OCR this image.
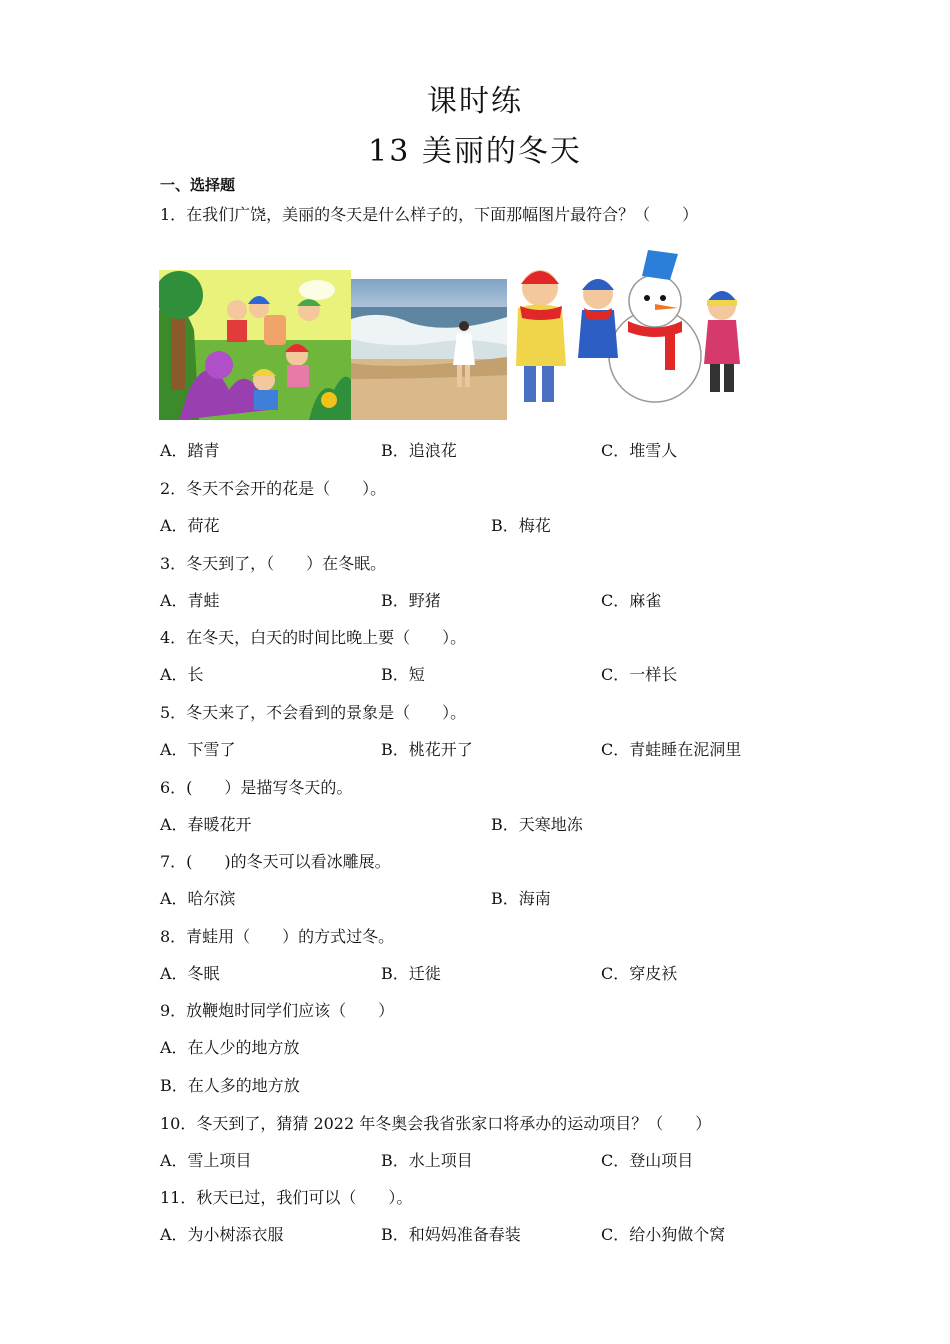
课时练
13 美丽的冬天
一、选择题
1．在我们广饶，美丽的冬天是什么样子的，下面那幅图片最符合？（　　）
A．踏青	B．追浪花	C．堆雪人
2．冬天不会开的花是（　　）。
A．荷花	B．梅花
3．冬天到了，（　　）在冬眠。
A．青蛙	B．野猪	C．麻雀
4．在冬天，白天的时间比晚上要（　　）。
A．长	B．短	C．一样长
5．冬天来了，不会看到的景象是（　　）。
A．下雪了	B．桃花开了	C．青蛙睡在泥洞里
6．(　　）是描写冬天的。
A．春暖花开	B．天寒地冻
7．(　　)的冬天可以看冰雕展。
A．哈尔滨	B．海南
8．青蛙用（　　）的方式过冬。
A．冬眠	B．迁徙	C．穿皮袄
9．放鞭炮时同学们应该（　　）
A．在人少的地方放
B．在人多的地方放
10．冬天到了，猜猜 2022 年冬奥会我省张家口将承办的运动项目？（　　）
A．雪上项目	B．水上项目	C．登山项目
11．秋天已过，我们可以（　　）。
A．为小树添衣服	B．和妈妈准备春装	C．给小狗做个窝
